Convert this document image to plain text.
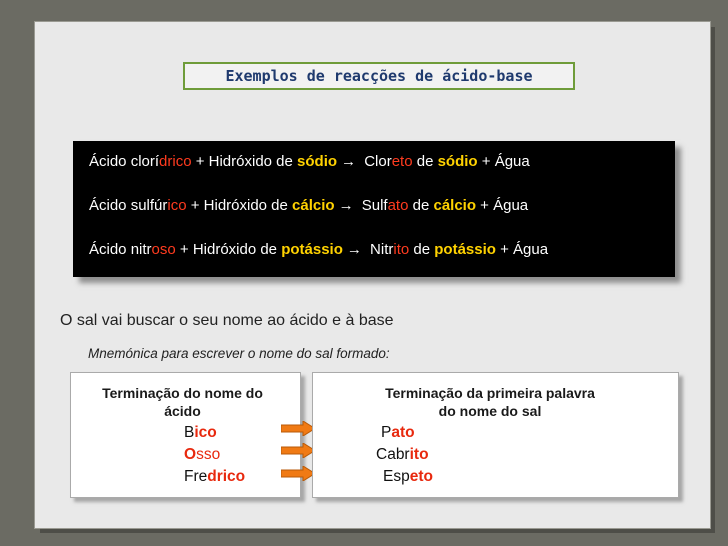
Exemplos de reacções de ácido-base
Ácido clorídrico + Hidróxido de sódio → Cloreto de sódio + Água
Ácido sulfúrico + Hidróxido de cálcio → Sulfato de cálcio + Água
Ácido nitroso + Hidróxido de potássio → Nitrito de potássio + Água
O sal vai buscar o seu nome ao ácido e à base
Mnemónica para escrever o nome do sal formado:
Terminação do nome do
ácido
Bico
Osso
Fredrico
Terminação da primeira palavra
do nome do sal
Pato
Cabrito
Espeto
